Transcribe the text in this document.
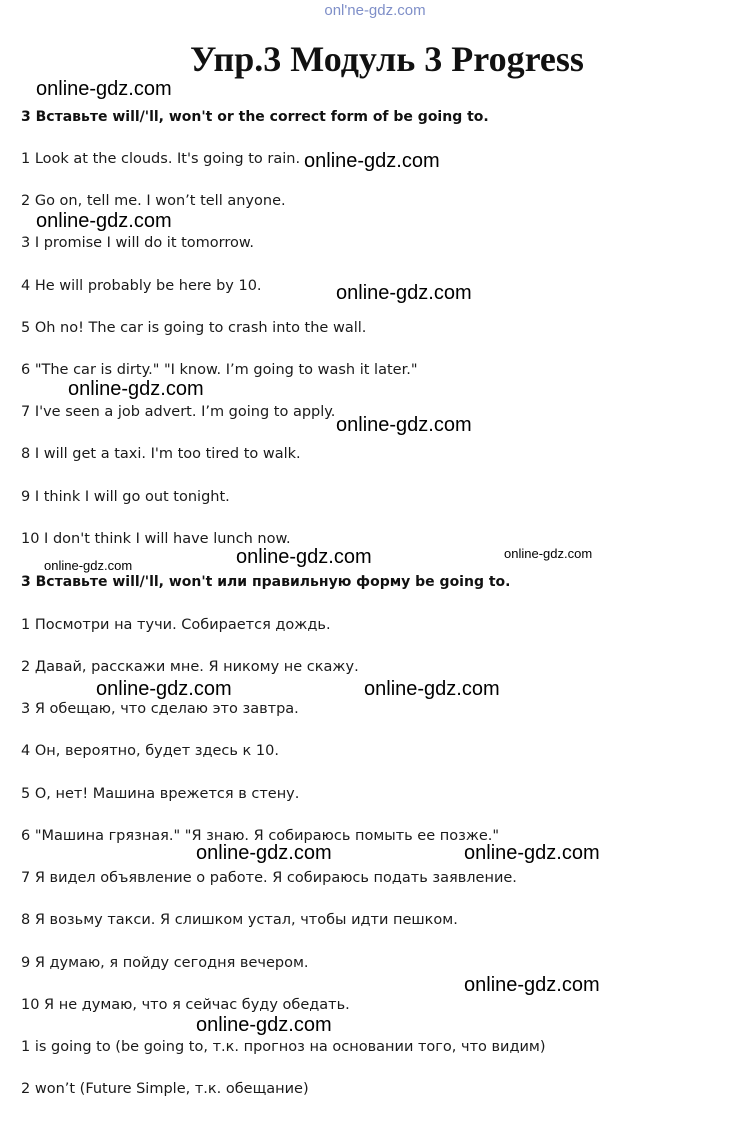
onl'ne-gdz.com
Упр.3 Модуль 3 Progress
3 Вставьте will/'ll, won't or the correct form of be going to.
1 Look at the clouds. It's going to rain.
2 Go on, tell me. I won’t tell anyone.
3 I promise I will do it tomorrow.
4 He will probably be here by 10.
5 Oh no! The car is going to crash into the wall.
6 "The car is dirty." "I know. I’m going to wash it later."
7 I've seen a job advert. I’m going to apply.
8 I will get a taxi. I'm too tired to walk.
9 I think I will go out tonight.
10 I don't think I will have lunch now.
3 Вставьте will/'ll, won't или правильную форму be going to.
1 Посмотри на тучи. Собирается дождь.
2 Давай, расскажи мне. Я никому не скажу.
3 Я обещаю, что сделаю это завтра.
4 Он, вероятно, будет здесь к 10.
5 О, нет! Машина врежется в стену.
6 "Машина грязная." "Я знаю. Я собираюсь помыть ее позже."
7 Я видел объявление о работе. Я собираюсь подать заявление.
8 Я возьму такси. Я слишком устал, чтобы идти пешком.
9 Я думаю, я пойду сегодня вечером.
10 Я не думаю, что я сейчас буду обедать.
1 is going to (be going to, т.к. прогноз на основании того, что видим)
2 won’t (Future Simple, т.к. обещание)
online-gdz.com
online-gdz.com
online-gdz.com
online-gdz.com
online-gdz.com
online-gdz.com
online-gdz.com	online-gdz.com
online-gdz.com
online-gdz.com	online-gdz.com
online-gdz.com	online-gdz.com
online-gdz.com
online-gdz.com
